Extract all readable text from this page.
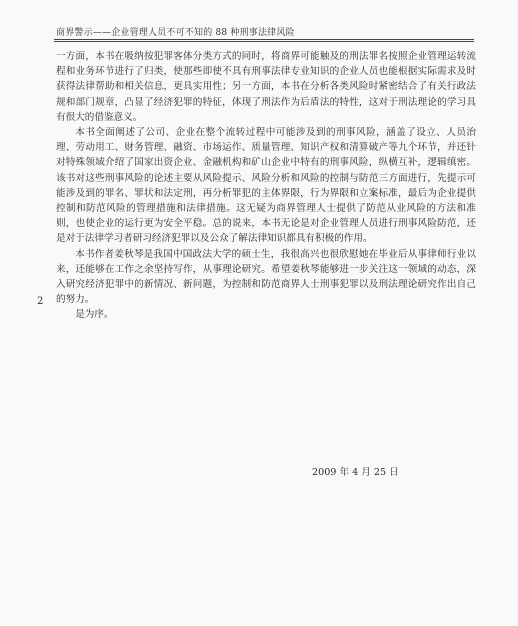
商界警示——企业管理人员不可不知的 88 种刑事法律风险
2

一方面，本书在吸纳按犯罪客体分类方式的同时，将商界可能触及的刑法罪名按照企业管理运转流程和业务环节进行了归类，使那些即使不具有刑事法律专业知识的企业人员也能根据实际需求及时获得法律帮助和相关信息，更具实用性；另一方面，本书在分析各类风险时紧密结合了有关行政法规和部门规章，凸显了经济犯罪的特征，体现了刑法作为后盾法的特性，这对于刑法理论的学习具有很大的借鉴意义。

本书全面阐述了公司、企业在整个流转过程中可能涉及到的刑事风险，涵盖了设立、人员治理、劳动用工、财务管理、融资、市场运作、质量管理、知识产权和清算破产等九个环节，并还针对特殊领域介绍了国家出资企业、金融机构和矿山企业中特有的刑事风险，纵横互补，逻辑缜密。该书对这些刑事风险的论述主要从风险提示、风险分析和风险的控制与防范三方面进行，先提示可能涉及到的罪名、罪状和法定刑，再分析罪犯的主体界限，行为界限和立案标准，最后为企业提供控制和防范风险的管理措施和法律措施。这无疑为商界管理人士提供了防范从业风险的方法和准则，也使企业的运行更为安全平稳。总的说来，本书无论是对企业管理人员进行刑事风险防范，还是对于法律学习者研习经济犯罪以及公众了解法律知识都具有积极的作用。

本书作者姜秋琴是我国中国政法大学的硕士生，我很高兴也很欣慰她在毕业后从事律师行业以来，还能够在工作之余坚持写作，从事理论研究。希望姜秋琴能够进一步关注这一领域的动态，深入研究经济犯罪中的新情况、新问题，为控制和防范商界人士刑事犯罪以及刑法理论研究作出自己的努力。

是为序。

2009 年 4 月 25 日
